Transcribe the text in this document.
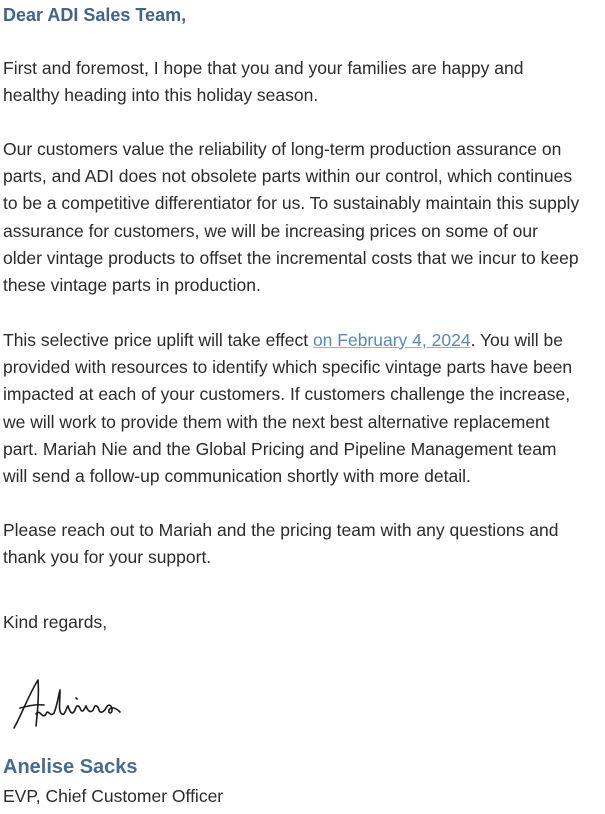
Dear ADI Sales Team,

First and foremost, I hope that you and your families are happy and
healthy heading into this holiday season.

Our customers value the reliability of long-term production assurance on
parts, and ADI does not obsolete parts within our control, which continues
to be a competitive differentiator for us. To sustainably maintain this supply
assurance for customers, we will be increasing prices on some of our
older vintage products to offset the incremental costs that we incur to keep
these vintage parts in production.

This selective price uplift will take effect on February 4, 2024. You will be
provided with resources to identify which specific vintage parts have been
impacted at each of your customers. If customers challenge the increase,
we will work to provide them with the next best alternative replacement
part. Mariah Nie and the Global Pricing and Pipeline Management team
will send a follow-up communication shortly with more detail.

Please reach out to Mariah and the pricing team with any questions and
thank you for your support.

Kind regards,

Anelise Sacks
EVP, Chief Customer Officer
